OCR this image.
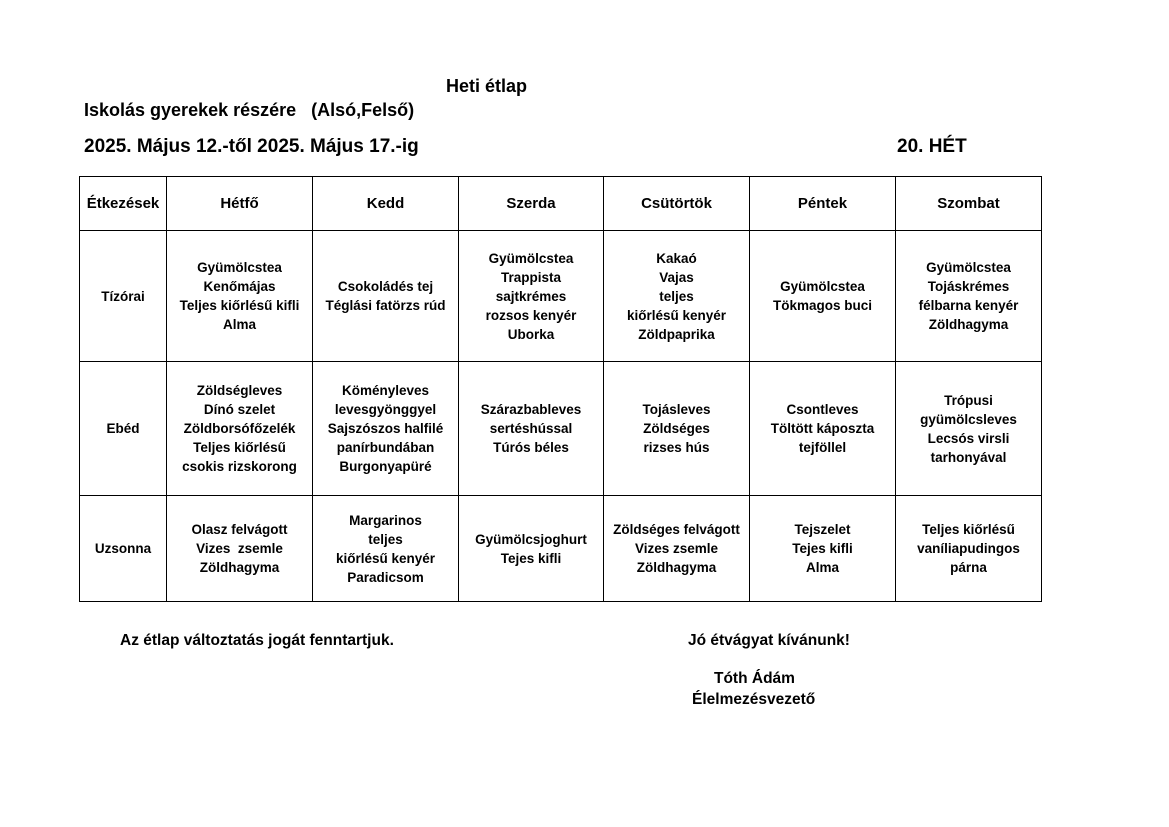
Heti étlap
Iskolás gyerekek részére   (Alsó,Felső)
2025. Május 12.-től 2025. Május 17.-ig	20. HÉT
Étkezések	Hétfő	Kedd	Szerda	Csütörtök	Péntek	Szombat
Tízórai	Gyümölcstea
Kenőmájas
Teljes kiőrlésű kifli
Alma	Csokoládés tej
Téglási fatörzs rúd	Gyümölcstea
Trappista
sajtkrémes
rozsos kenyér
Uborka	Kakaó
Vajas
teljes
kiőrlésű kenyér
Zöldpaprika	Gyümölcstea
Tökmagos buci	Gyümölcstea
Tojáskrémes
félbarna kenyér
Zöldhagyma

Ebéd	Zöldségleves
Dínó szelet
Zöldborsófőzelék
Teljes kiőrlésű
csokis rizskorong	Köményleves
levesgyönggyel
Sajszószos halfilé
panírbundában
Burgonyapüré	Szárazbableves
sertéshússal
Túrós béles	Tojásleves
Zöldséges
rizses hús	Csontleves
Töltött káposzta
tejföllel	Trópusi
gyümölcsleves
Lecsós virsli
tarhonyával

Uzsonna	Olasz felvágott
Vizes  zsemle
Zöldhagyma	Margarinos
teljes
kiőrlésű kenyér
Paradicsom	Gyümölcsjoghurt
Tejes kifli	Zöldséges felvágott
Vizes zsemle
Zöldhagyma	Tejszelet
Tejes kifli
Alma	Teljes kiőrlésű
vaníliapudingos
párna
Az étlap változtatás jogát fenntartjuk.	Jó étvágyat kívánunk!
Tóth Ádám
Élelmezésvezető
